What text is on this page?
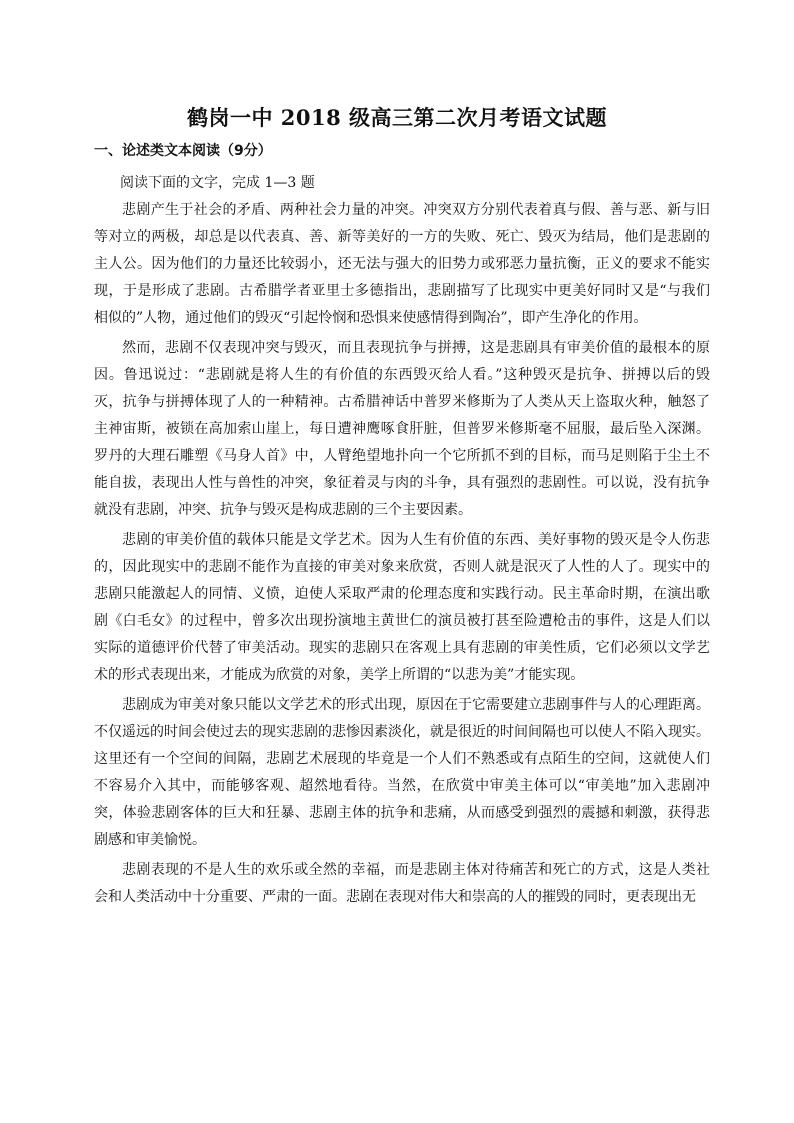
鹤岗一中 2018 级高三第二次月考语文试题
一、论述类文本阅读（9分）
阅读下面的文字，完成 1—3 题
悲剧产生于社会的矛盾、两种社会力量的冲突。冲突双方分别代表着真与假、善与恶、新与旧
等对立的两极，却总是以代表真、善、新等美好的一方的失败、死亡、毁灭为结局，他们是悲剧的
主人公。因为他们的力量还比较弱小，还无法与强大的旧势力或邪恶力量抗衡，正义的要求不能实
现，于是形成了悲剧。古希腊学者亚里士多德指出，悲剧描写了比现实中更美好同时又是“与我们
相似的”人物，通过他们的毁灭“引起怜悯和恐惧来使感情得到陶冶”，即产生净化的作用。
然而，悲剧不仅表现冲突与毁灭，而且表现抗争与拼搏，这是悲剧具有审美价值的最根本的原
因。鲁迅说过：“悲剧就是将人生的有价值的东西毁灭给人看。”这种毁灭是抗争、拼搏以后的毁
灭，抗争与拼搏体现了人的一种精神。古希腊神话中普罗米修斯为了人类从天上盗取火种，触怒了
主神宙斯，被锁在高加索山崖上，每日遭神鹰啄食肝脏，但普罗米修斯毫不屈服，最后坠入深渊。
罗丹的大理石雕塑《马身人首》中，人臂绝望地扑向一个它所抓不到的目标，而马足则陷于尘土不
能自拔，表现出人性与兽性的冲突，象征着灵与肉的斗争，具有强烈的悲剧性。可以说，没有抗争
就没有悲剧，冲突、抗争与毁灭是构成悲剧的三个主要因素。
悲剧的审美价值的载体只能是文学艺术。因为人生有价值的东西、美好事物的毁灭是令人伤悲
的，因此现实中的悲剧不能作为直接的审美对象来欣赏，否则人就是泯灭了人性的人了。现实中的
悲剧只能激起人的同情、义愤，迫使人采取严肃的伦理态度和实践行动。民主革命时期，在演出歌
剧《白毛女》的过程中，曾多次出现扮演地主黄世仁的演员被打甚至险遭枪击的事件，这是人们以
实际的道德评价代替了审美活动。现实的悲剧只在客观上具有悲剧的审美性质，它们必须以文学艺
术的形式表现出来，才能成为欣赏的对象，美学上所谓的“以悲为美”才能实现。
悲剧成为审美对象只能以文学艺术的形式出现，原因在于它需要建立悲剧事件与人的心理距离。
不仅遥远的时间会使过去的现实悲剧的悲惨因素淡化，就是很近的时间间隔也可以使人不陷入现实。
这里还有一个空间的间隔，悲剧艺术展现的毕竟是一个人们不熟悉或有点陌生的空间，这就使人们
不容易介入其中，而能够客观、超然地看待。当然，在欣赏中审美主体可以“审美地”加入悲剧冲
突，体验悲剧客体的巨大和狂暴、悲剧主体的抗争和悲痛，从而感受到强烈的震撼和刺激，获得悲
剧感和审美愉悦。
悲剧表现的不是人生的欢乐或全然的幸福，而是悲剧主体对待痛苦和死亡的方式，这是人类社
会和人类活动中十分重要、严肃的一面。悲剧在表现对伟大和崇高的人的摧毁的同时，更表现出无
